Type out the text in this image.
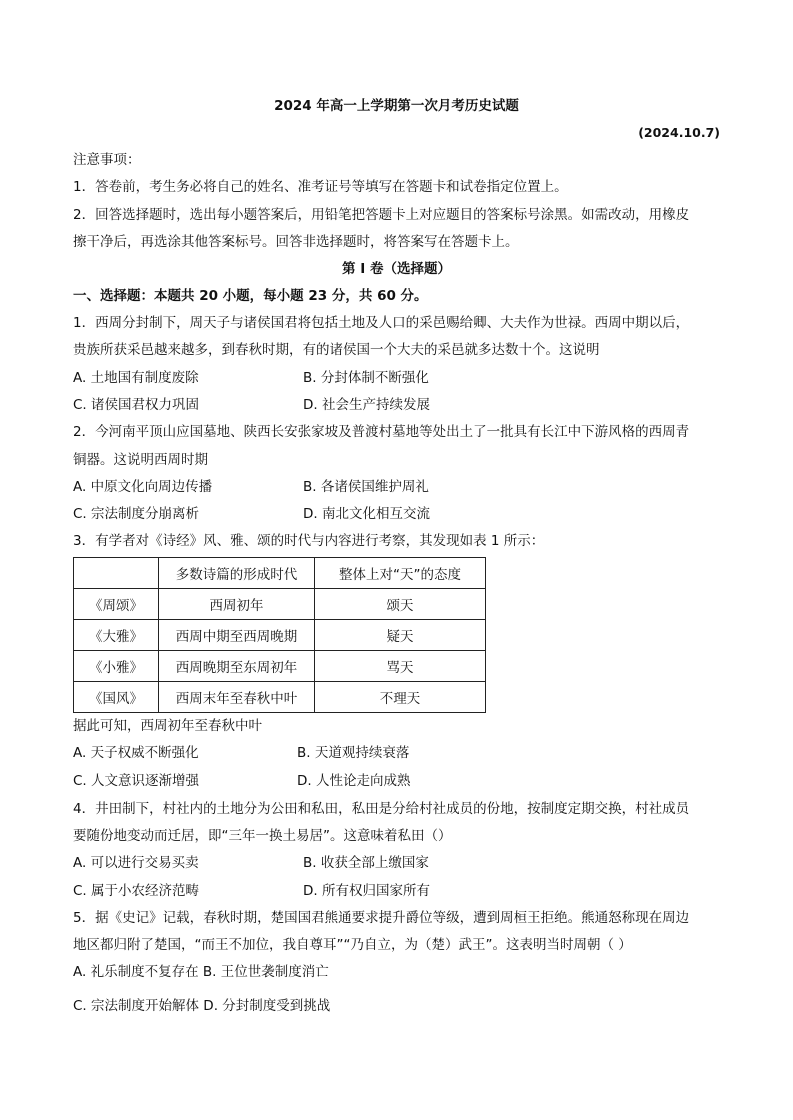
2024 年高一上学期第一次月考历史试题
(2024.10.7)
注意事项：
1．答卷前，考生务必将自己的姓名、准考证号等填写在答题卡和试卷指定位置上。
2．回答选择题时，选出每小题答案后，用铅笔把答题卡上对应题目的答案标号涂黑。如需改动，用橡皮
擦干净后，再选涂其他答案标号。回答非选择题时，将答案写在答题卡上。
第 I 卷（选择题）
一、选择题：本题共 20 小题，每小题 23 分，共 60 分。
1．西周分封制下，周天子与诸侯国君将包括土地及人口的采邑赐给卿、大夫作为世禄。西周中期以后，
贵族所获采邑越来越多，到春秋时期，有的诸侯国一个大夫的采邑就多达数十个。这说明
A. 土地国有制度废除	B. 分封体制不断强化
C. 诸侯国君权力巩固	D. 社会生产持续发展
2．今河南平顶山应国墓地、陕西长安张家坡及普渡村墓地等处出土了一批具有长江中下游风格的西周青
铜器。这说明西周时期
A. 中原文化向周边传播	B. 各诸侯国维护周礼
C. 宗法制度分崩离析	D. 南北文化相互交流
3．有学者对《诗经》风、雅、颂的时代与内容进行考察，其发现如表 1 所示：
	多数诗篇的形成时代	整体上对“天”的态度
《周颂》	西周初年	颂天
《大雅》	西周中期至西周晚期	疑天
《小雅》	西周晚期至东周初年	骂天
《国风》	西周末年至春秋中叶	不理天
据此可知，西周初年至春秋中叶
A. 天子权威不断强化	B. 天道观持续衰落
C. 人文意识逐渐增强	D. 人性论走向成熟
4．井田制下，村社内的土地分为公田和私田，私田是分给村社成员的份地，按制度定期交换，村社成员
要随份地变动而迁居，即“三年一换土易居”。这意味着私田（）
A. 可以进行交易买卖	B. 收获全部上缴国家
C. 属于小农经济范畴	D. 所有权归国家所有
5．据《史记》记载，春秋时期，楚国国君熊通要求提升爵位等级，遭到周桓王拒绝。熊通怒称现在周边
地区都归附了楚国，“而王不加位，我自尊耳”“乃自立，为（楚）武王”。这表明当时周朝（ ）
A. 礼乐制度不复存在 B. 王位世袭制度消亡
C. 宗法制度开始解体 D. 分封制度受到挑战
